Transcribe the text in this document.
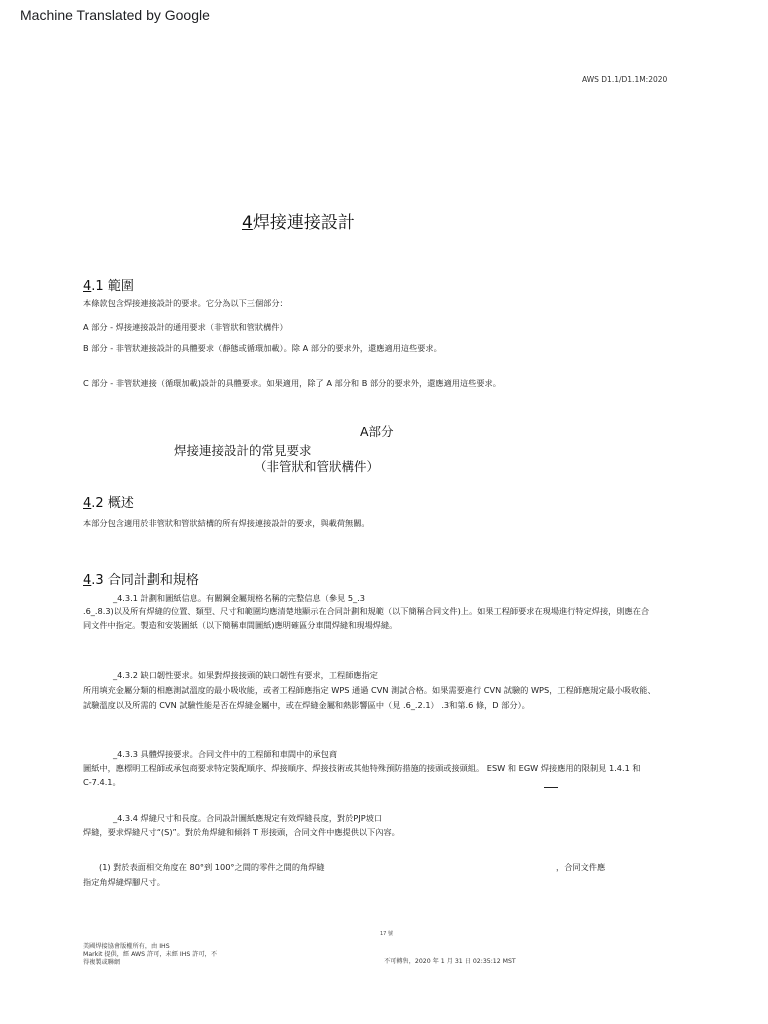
Machine Translated by Google
AWS D1.1/D1.1M:2020
4焊接連接設計
4.1 範圍
本條款包含焊接連接設計的要求。它分為以下三個部分：
A 部分 - 焊接連接設計的通用要求（非管狀和管狀構件）
B 部分 - 非管狀連接設計的具體要求（靜態或循環加載）。除 A 部分的要求外，還應適用這些要求。
C 部分 - 非管狀連接（循環加載)設計的具體要求。如果適用，除了 A 部分和 B 部分的要求外，還應適用這些要求。
A部分
焊接連接設計的常見要求
（非管狀和管狀構件）
4.2 概述
本部分包含適用於非管狀和管狀結構的所有焊接連接設計的要求，與載荷無關。
4.3 合同計劃和規格
_4.3.1 計劃和圖紙信息。有關鋼金屬規格名稱的完整信息（參見 5_.3
.6_.8.3)以及所有焊縫的位置、類型、尺寸和範圍均應清楚地顯示在合同計劃和規範（以下簡稱合同文件)上。如果工程師要求在現場進行特定焊接，則應在合
同文件中指定。製造和安裝圖紙（以下簡稱車間圖紙)應明確區分車間焊縫和現場焊縫。
_4.3.2 缺口韌性要求。如果對焊接接頭的缺口韌性有要求，工程師應指定
所用填充金屬分類的相應測試溫度的最小吸收能，或者工程師應指定 WPS 通過 CVN 測試合格。如果需要進行 CVN 試驗的 WPS，工程師應規定最小吸收能、
試驗溫度以及所需的 CVN 試驗性能是否在焊縫金屬中，或在焊縫金屬和熱影響區中（見 .6_.2.1） .3和第.6 條，D 部分）。
_4.3.3 具體焊接要求。合同文件中的工程師和車間中的承包商
圖紙中，應標明工程師或承包商要求特定裝配順序、焊接順序、焊接技術或其他特殊預防措施的接頭或接頭組。 ESW 和 EGW 焊接應用的限制見 1.4.1 和
C-7.4.1。
_4.3.4 焊縫尺寸和長度。合同設計圖紙應規定有效焊縫長度，對於PJP坡口
焊縫，要求焊縫尺寸“(S)”。對於角焊縫和傾斜 T 形接頭，合同文件中應提供以下內容。
(1) 對於表面相交角度在 80°到 100°之間的零件之間的角焊縫	，合同文件應
指定角焊縫焊腳尺寸。
17 號
美國焊接協會版權所有，由 IHS
Markit 提供，經 AWS 許可，未經 IHS 許可，不
得複製或聯網	不可轉售，2020 年 1 月 31 日 02:35:12 MST
